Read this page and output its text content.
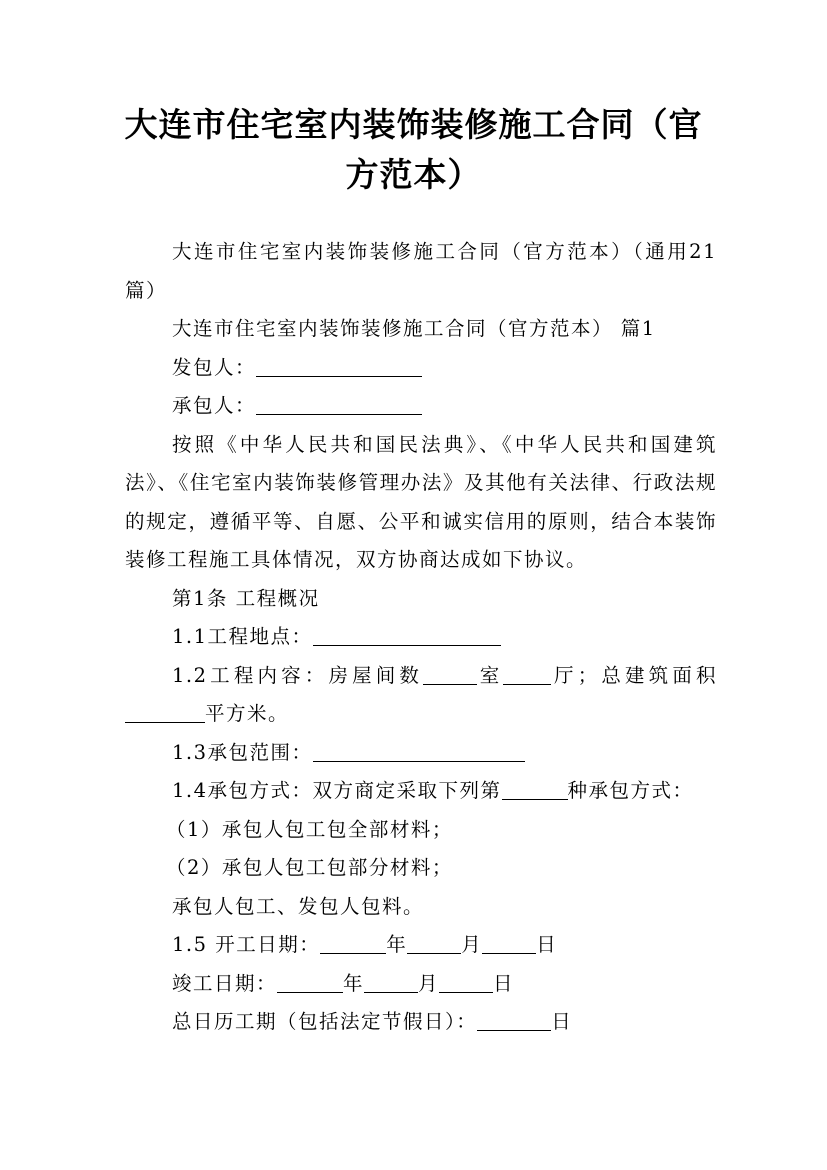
大连市住宅室内装饰装修施工合同（官方范本）

大连市住宅室内装饰装修施工合同（官方范本）（通用21篇）

大连市住宅室内装饰装修施工合同（官方范本） 篇1

发包人：

承包人：

按照《中华人民共和国民法典》、《中华人民共和国建筑法》、《住宅室内装饰装修管理办法》及其他有关法律、行政法规的规定，遵循平等、自愿、公平和诚实信用的原则，结合本装饰装修工程施工具体情况，双方协商达成如下协议。

第1条 工程概况

1.1工程地点：

1.2工程内容：房屋间数	室 厅；总建筑面积平方米。

1.3承包范围：

1.4承包方式：双方商定采取下列第	种承包方式：

（1）承包人包工包全部材料；

（2）承包人包工包部分材料；

承包人包工、发包人包料。

1.5 开工日期：	年	月	日

竣工日期：	年	月	日

总日历工期（包括法定节假日）：	日
